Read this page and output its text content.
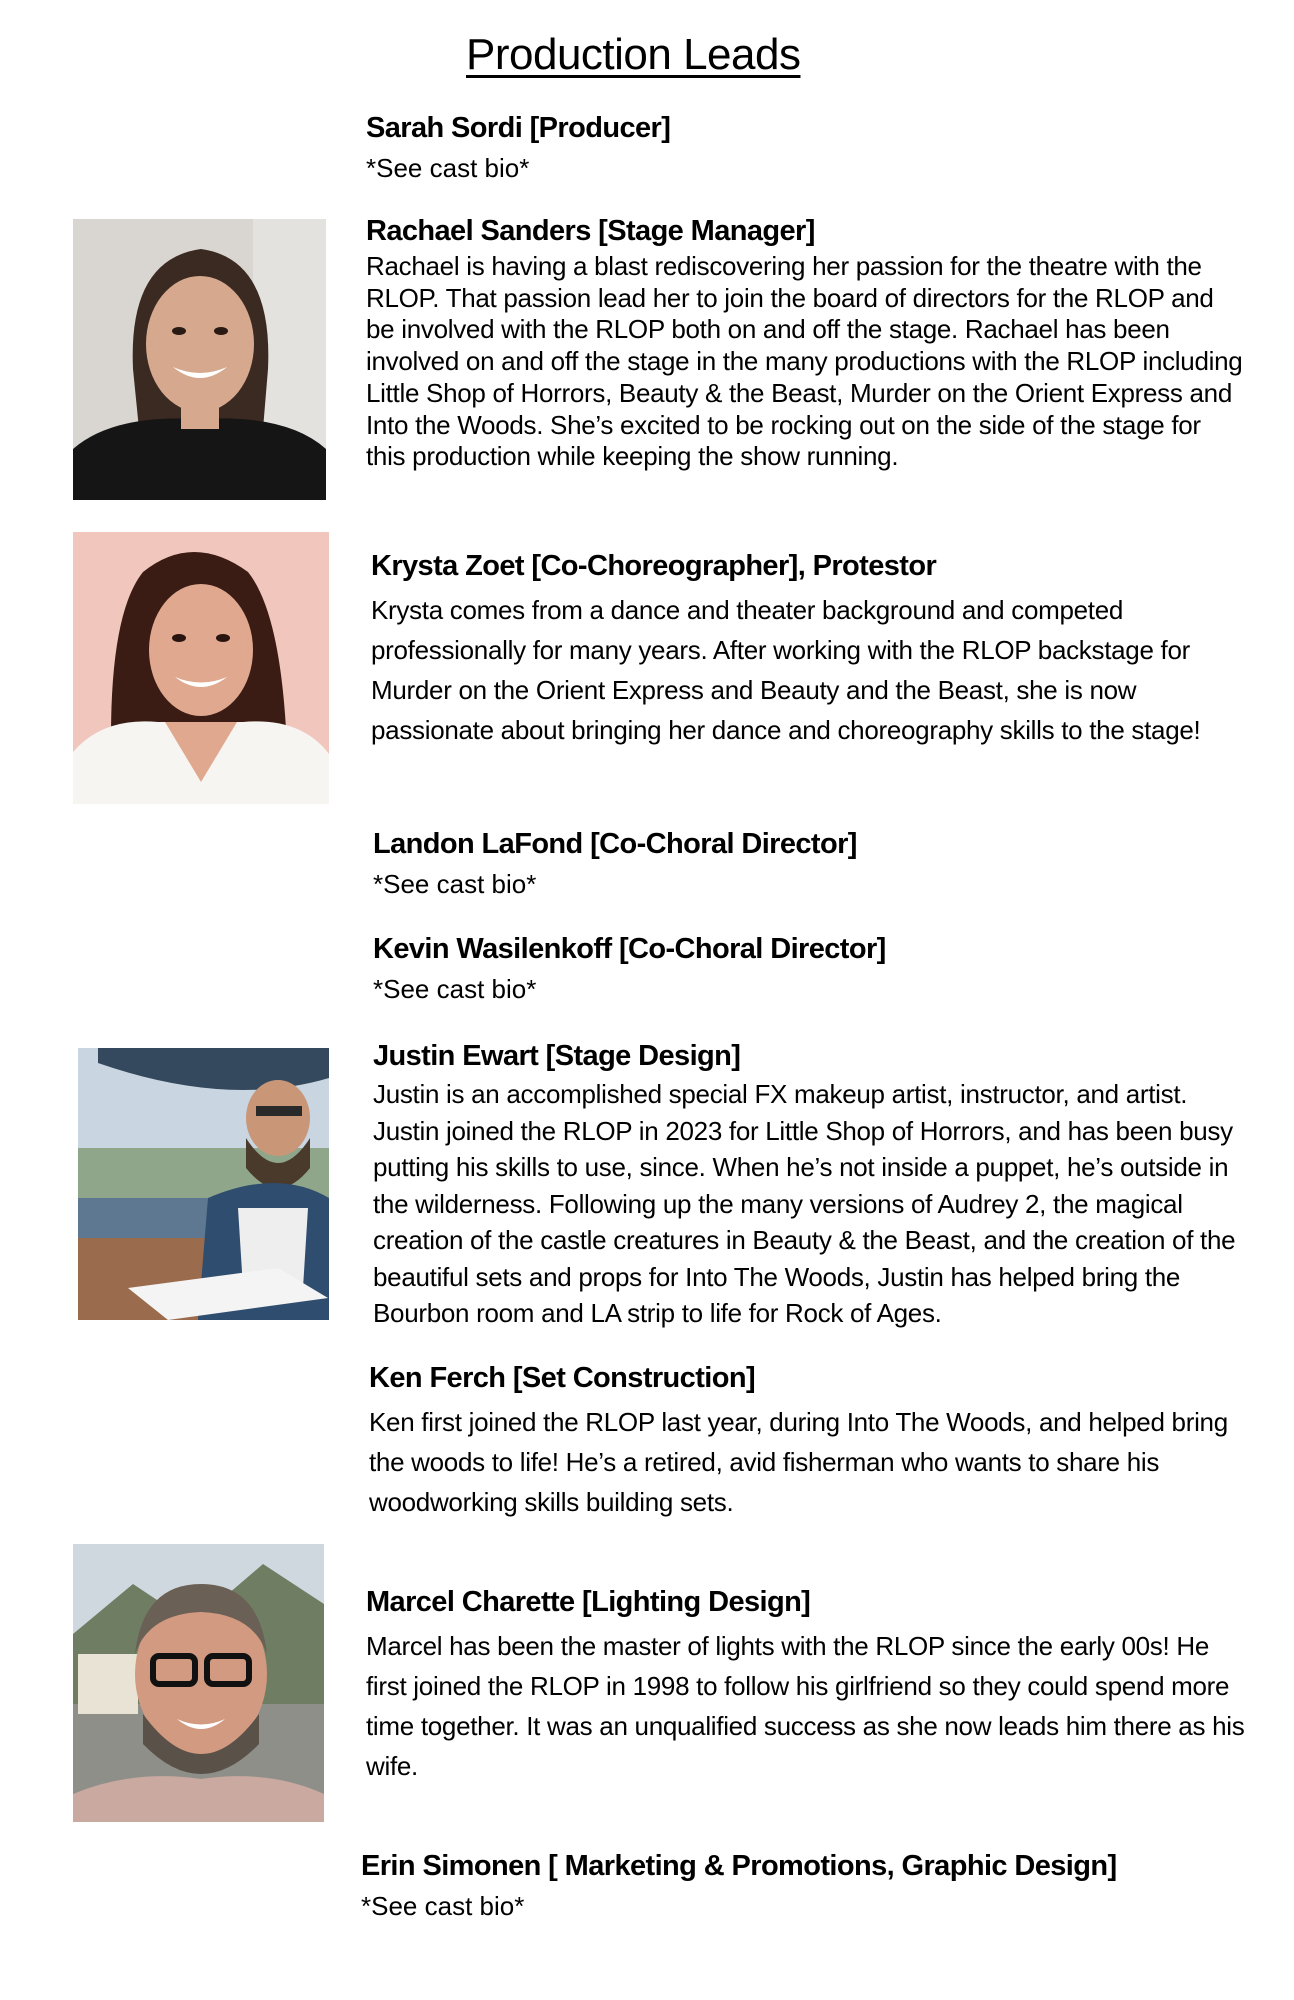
Production Leads

Sarah Sordi [Producer]

*See cast bio*

Rachael Sanders [Stage Manager]

Rachael is having a blast rediscovering her passion for the theatre with the RLOP. That passion lead her to join the board of directors for the RLOP and be involved with the RLOP both on and off the stage. Rachael has been involved on and off the stage in the many productions with the RLOP including Little Shop of Horrors, Beauty & the Beast, Murder on the Orient Express and Into the Woods. She’s excited to be rocking out on the side of the stage for this production while keeping the show running.

Krysta Zoet [Co-Choreographer], Protestor

Krysta comes from a dance and theater background and competed professionally for many years. After working with the RLOP backstage for Murder on the Orient Express and Beauty and the Beast, she is now passionate about bringing her dance and choreography skills to the stage!

Landon LaFond [Co-Choral Director]

*See cast bio*

Kevin Wasilenkoff [Co-Choral Director]

*See cast bio*

Justin Ewart [Stage Design]

Justin is an accomplished special FX makeup artist, instructor, and artist. Justin joined the RLOP in 2023 for Little Shop of Horrors, and has been busy putting his skills to use, since. When he’s not inside a puppet, he’s outside in the wilderness. Following up the many versions of Audrey 2, the magical creation of the castle creatures in Beauty & the Beast, and the creation of the beautiful sets and props for Into The Woods, Justin has helped bring the Bourbon room and LA strip to life for Rock of Ages.

Ken Ferch [Set Construction]

Ken first joined the RLOP last year, during Into The Woods, and helped bring the woods to life! He’s a retired, avid fisherman who wants to share his woodworking skills building sets.

Marcel Charette [Lighting Design]

Marcel has been the master of lights with the RLOP since the early 00s! He first joined the RLOP in 1998 to follow his girlfriend so they could spend more time together. It was an unqualified success as she now leads him there as his wife.

Erin Simonen [ Marketing & Promotions, Graphic Design]

*See cast bio*
